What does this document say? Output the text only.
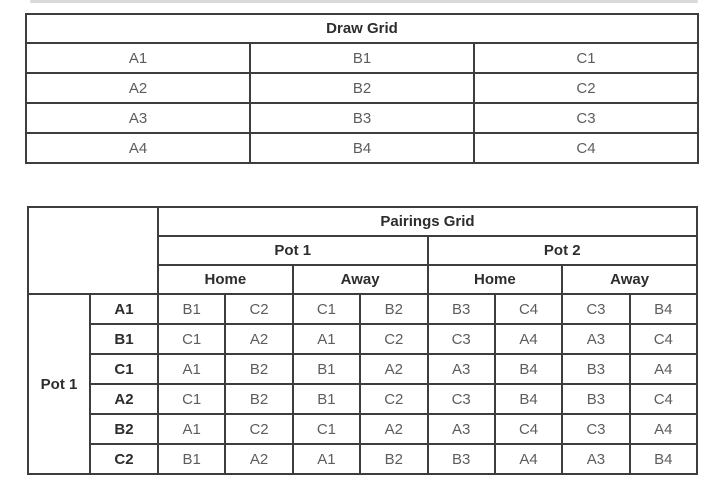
Draw Grid		
A1	B1	C1
A2	B2	C2
A3	B3	C3
A4	B4	C4
		Pairings Grid							
		Pot 1				Pot 2			
		Home		Away		Home		Away	
Pot 1	A1	B1	C2	C1	B2	B3	C4	C3	B4
	B1	C1	A2	A1	C2	C3	A4	A3	C4
	C1	A1	B2	B1	A2	A3	B4	B3	A4
	A2	C1	B2	B1	C2	C3	B4	B3	C4
	B2	A1	C2	C1	A2	A3	C4	C3	A4
	C2	B1	A2	A1	B2	B3	A4	A3	B4
